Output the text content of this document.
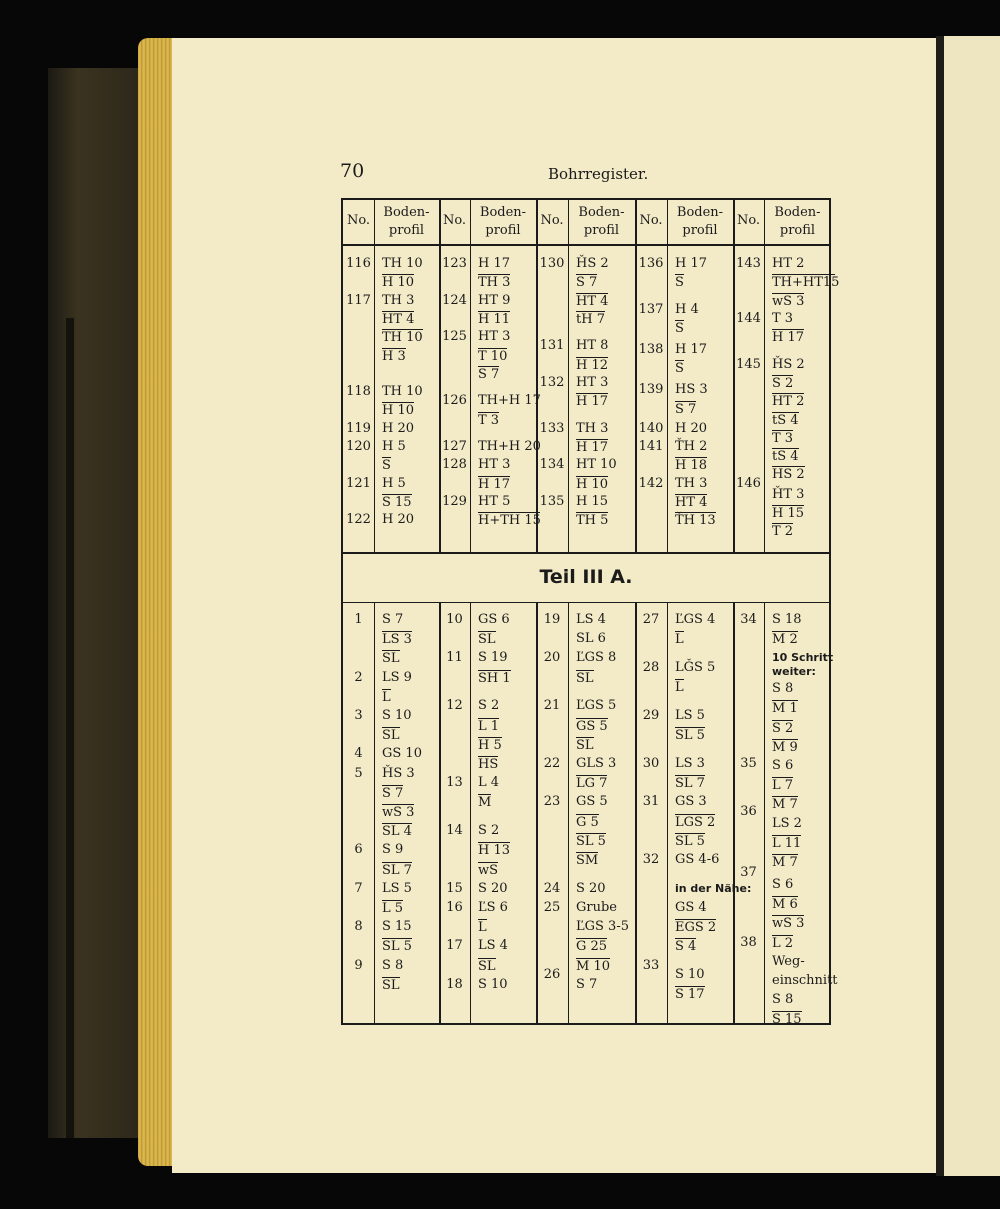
70	Bohrregister.
Teil III A.
No.
Boden-
profil
No.
Boden-
profil
No.
Boden-
profil
No.
Boden-
profil
No.
Boden-
profil
116
117
118
119
120
121
122
TH 10
H 10
TH 3
HT 4
TH 10
H 3
TH 10
H 10
H 20
H 5
S
H 5
S 15
H 20
123
124
125
126
127
128
129
H 17
TH 3
HT 9
H 11
HT 3
T 10
S 7
TH+H 17
T 3
TH+H 20
HT 3
H 17
HT 5
H+TH 15
130
131
132
133
134
135
ȞS 2
S 7
HT 4
tH 7
HT 8
H 12
HT 3
H 17
TH 3
H 17
HT 10
H 10
H 15
TH 5
136
137
138
139
140
141
142
H 17
S
H 4
S
H 17
S
HS 3
S 7
H 20
ŤH 2
H 18
TH 3
HT 4
ŤH 13
143
144
145
146
HT 2
TH+HT15
wS 3
T 3
H 17
ȞS 2
S 2
HT 2
tS 4
T 3
tS 4
HS 2
ȞT 3
H 15
T 2
1
2
3
4
5
6
7
8
9
S 7
LS 3
SL
LS 9
L
S 10
SL
GS 10
ȞS 3
S 7
wS 3
SL 4
S 9
SL 7
LS 5
L 5
S 15
SL 5
S 8
SL
10
11
12
13
14
15
16
17
18
GS 6
SL
S 19
SH 1
S 2
L 1
H 5
HS
L 4
M
S 2
H 13
wS
S 20
ĽS 6
L
LS 4
SL
S 10
19
20
21
22
23
24
25
26
LS 4
SL 6
ĽGS 8
SL
ĽGS 5
GS 5
SL
GLS 3
LG 7
GS 5
G 5
SL 5
SM
S 20
Grube
ĽGS 3-5
G 25
M 10
S 7
27
28
29
30
31
32
33
ĽGS 4
L
LǦS 5
L
LS 5
SL 5
LS 3
SL 7
GS 3
LGS 2
SL 5
GS 4-6
in der Nähe:
GS 4
EGS 2
S 4
S 10
S 17
34
35
36
37
38
S 18
M 2
10 Schritt
weiter:
S 8
M 1
S 2
M 9
S 6
L 7
M 7
LS 2
L 11
M 7
S 6
M 6
wS 3
L 2
Weg-
einschnitt
S 8
S 15
